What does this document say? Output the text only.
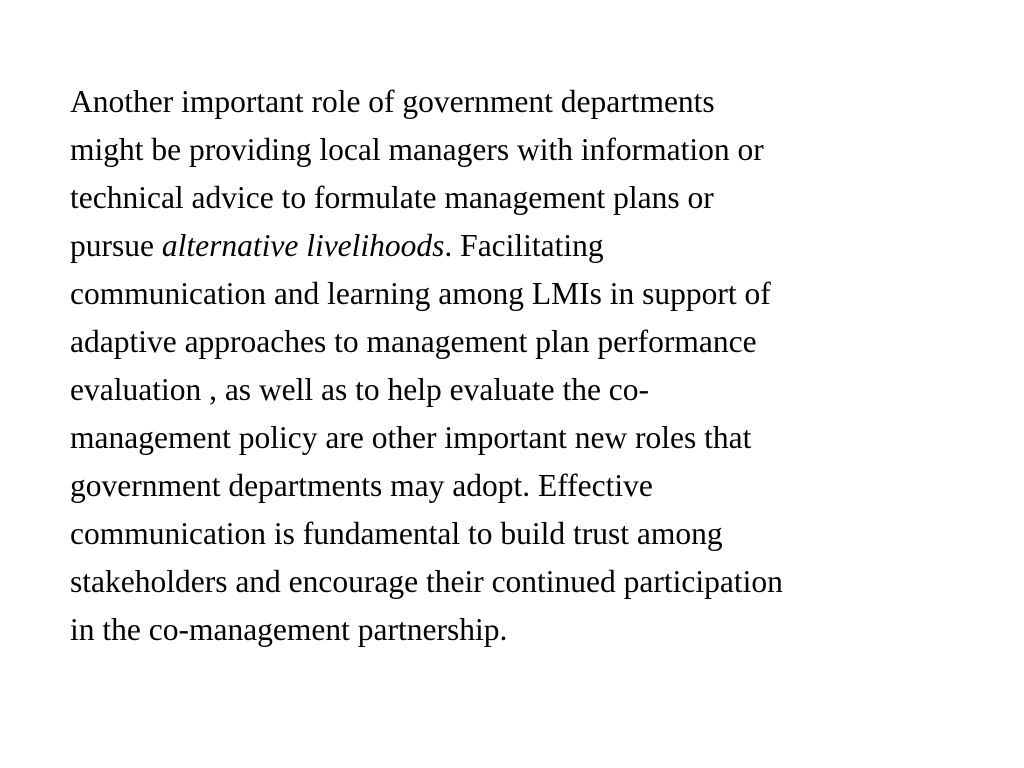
Another important role of government departments
might be providing local managers with information or
technical advice to formulate management plans or
pursue alternative livelihoods. Facilitating
communication and learning among LMIs in support of
adaptive approaches to management plan performance
evaluation , as well as to help evaluate the co-
management policy are other important new roles that
government departments may adopt. Effective
communication is fundamental to build trust among
stakeholders and encourage their continued participation
in the co-management partnership.
